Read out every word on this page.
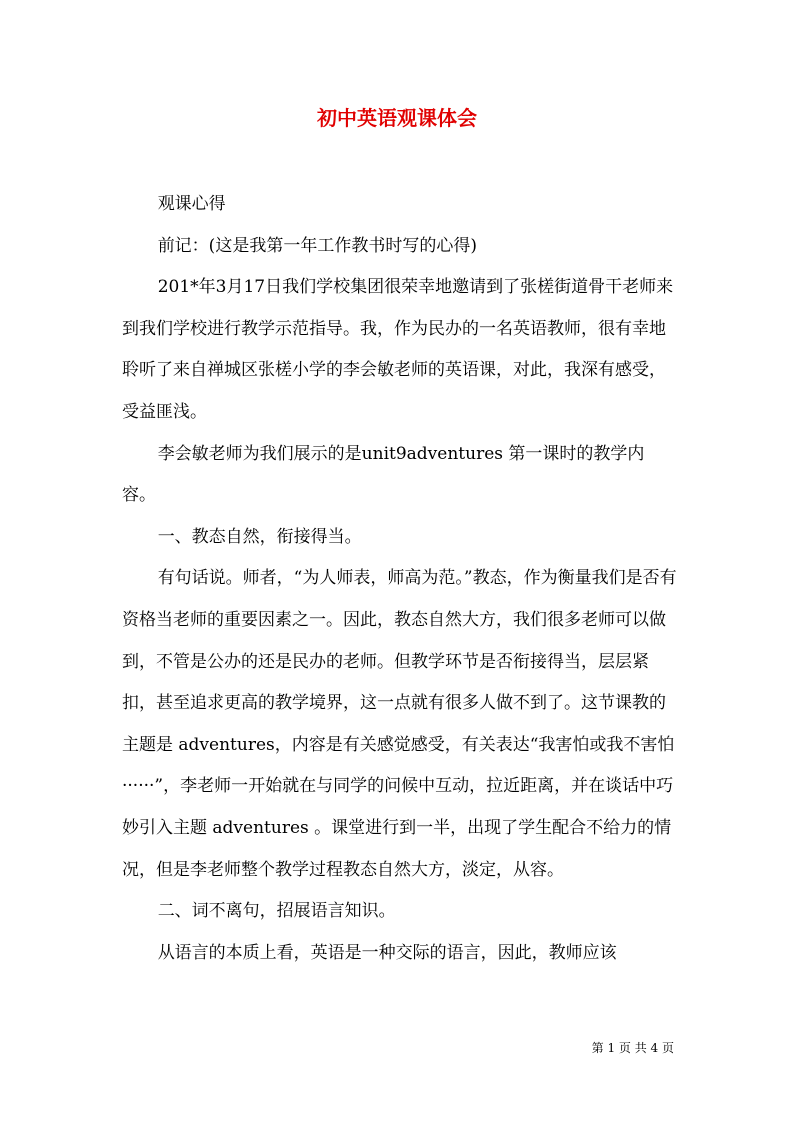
初中英语观课体会

观课心得

前记：(这是我第一年工作教书时写的心得)

201*年3月17日我们学校集团很荣幸地邀请到了张槎街道骨干老师来到我们学校进行教学示范指导。我，作为民办的一名英语教师，很有幸地聆听了来自禅城区张槎小学的李会敏老师的英语课，对此，我深有感受，受益匪浅。

李会敏老师为我们展示的是unit9adventures 第一课时的教学内容。

一、教态自然，衔接得当。

有句话说。师者，“为人师表，师高为范。”教态，作为衡量我们是否有资格当老师的重要因素之一。因此，教态自然大方，我们很多老师可以做到，不管是公办的还是民办的老师。但教学环节是否衔接得当，层层紧扣，甚至追求更高的教学境界，这一点就有很多人做不到了。这节课教的主题是 adventures，内容是有关感觉感受，有关表达“我害怕或我不害怕······”，李老师一开始就在与同学的问候中互动，拉近距离，并在谈话中巧妙引入主题 adventures 。课堂进行到一半，出现了学生配合不给力的情况，但是李老师整个教学过程教态自然大方，淡定，从容。

二、词不离句，招展语言知识。

从语言的本质上看，英语是一种交际的语言，因此，教师应该

第 1 页 共 4 页
